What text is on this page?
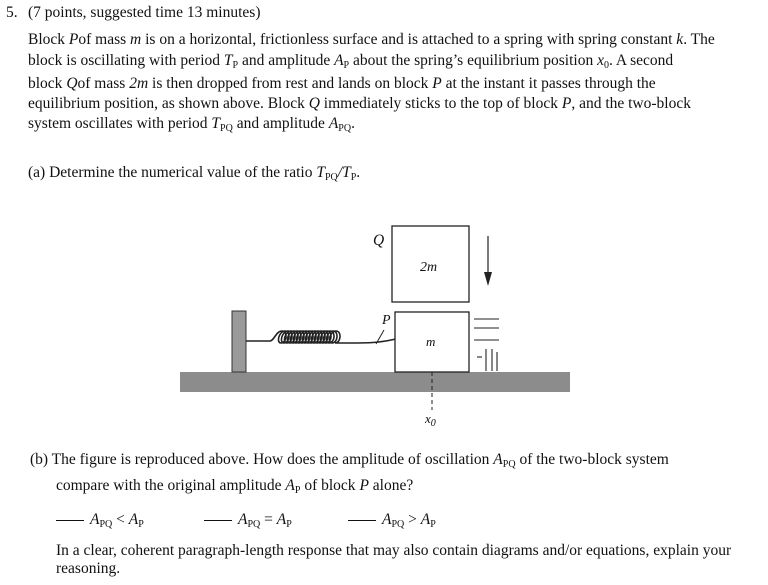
5. (7 points, suggested time 13 minutes)
Block Pof mass m is on a horizontal, frictionless surface and is attached to a spring with spring constant k. The
block is oscillating with period $T_P$ and amplitude $A_P$ about the spring’s equilibrium position $x_0$. A second
block Qof mass 2m is then dropped from rest and lands on block P at the instant it passes through the
equilibrium position, as shown above. Block Q immediately sticks to the top of block P, and the two-block
system oscillates with period $T_{PQ}$ and amplitude $A_{PQ}$.
(a) Determine the numerical value of the ratio $T_{PQ}/T_P$.
Q
2m
P
m
$x_0$
(b) The figure is reproduced above. How does the amplitude of oscillation $A_{PQ}$ of the two-block system
compare with the original amplitude $A_P$ of block P alone?
$A_{PQ} < A_P$	$A_{PQ} = A_P$	$A_{PQ} > A_P$
In a clear, coherent paragraph-length response that may also contain diagrams and/or equations, explain your
reasoning.
